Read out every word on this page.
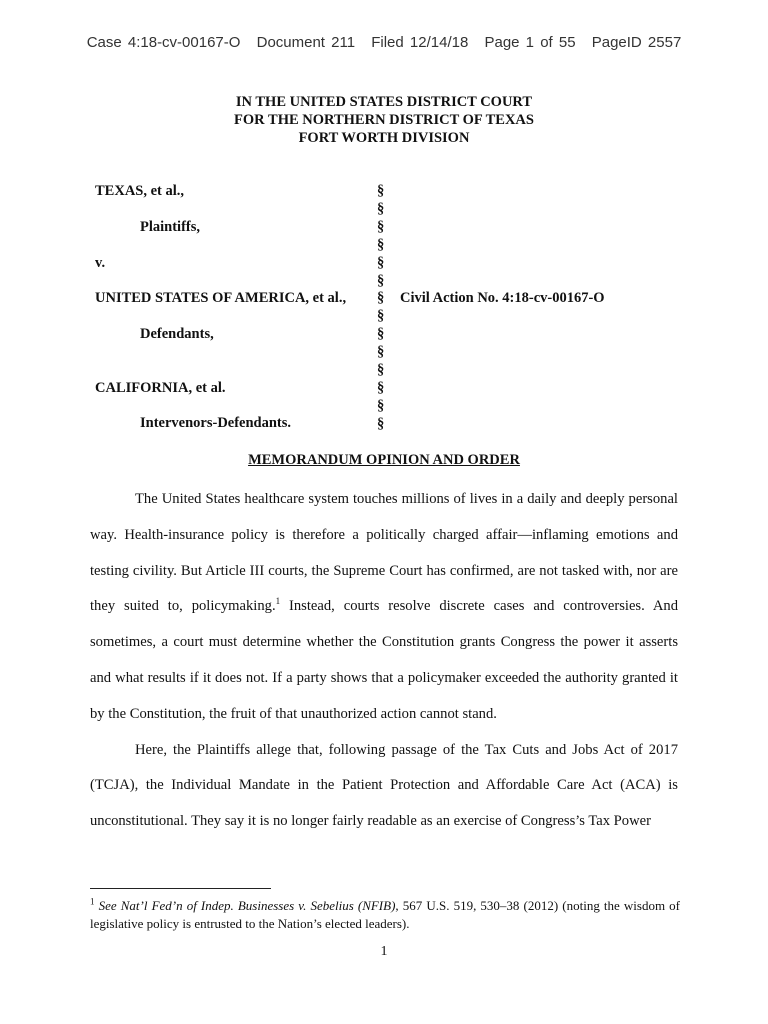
Case 4:18-cv-00167-O Document 211 Filed 12/14/18 Page 1 of 55 PageID 2557
IN THE UNITED STATES DISTRICT COURT
FOR THE NORTHERN DISTRICT OF TEXAS
FORT WORTH DIVISION
TEXAS, et al.,
Plaintiffs,
v.
UNITED STATES OF AMERICA, et al.,
Defendants,
CALIFORNIA, et al.
Intervenors-Defendants.
§
§
§
§
§
§
§
§
§
§
§
§
§
§
Civil Action No. 4:18-cv-00167-O
MEMORANDUM OPINION AND ORDER

The United States healthcare system touches millions of lives in a daily and deeply personal way. Health-insurance policy is therefore a politically charged affair—inflaming emotions and testing civility. But Article III courts, the Supreme Court has confirmed, are not tasked with, nor are they suited to, policymaking.$^1$ Instead, courts resolve discrete cases and controversies. And sometimes, a court must determine whether the Constitution grants Congress the power it asserts and what results if it does not. If a party shows that a policymaker exceeded the authority granted it by the Constitution, the fruit of that unauthorized action cannot stand.

Here, the Plaintiffs allege that, following passage of the Tax Cuts and Jobs Act of 2017 (TCJA), the Individual Mandate in the Patient Protection and Affordable Care Act (ACA) is unconstitutional. They say it is no longer fairly readable as an exercise of Congress’s Tax Power

$^1$ See Nat’l Fed’n of Indep. Businesses v. Sebelius (NFIB), 567 U.S. 519, 530–38 (2012) (noting the wisdom of legislative policy is entrusted to the Nation’s elected leaders).
1
